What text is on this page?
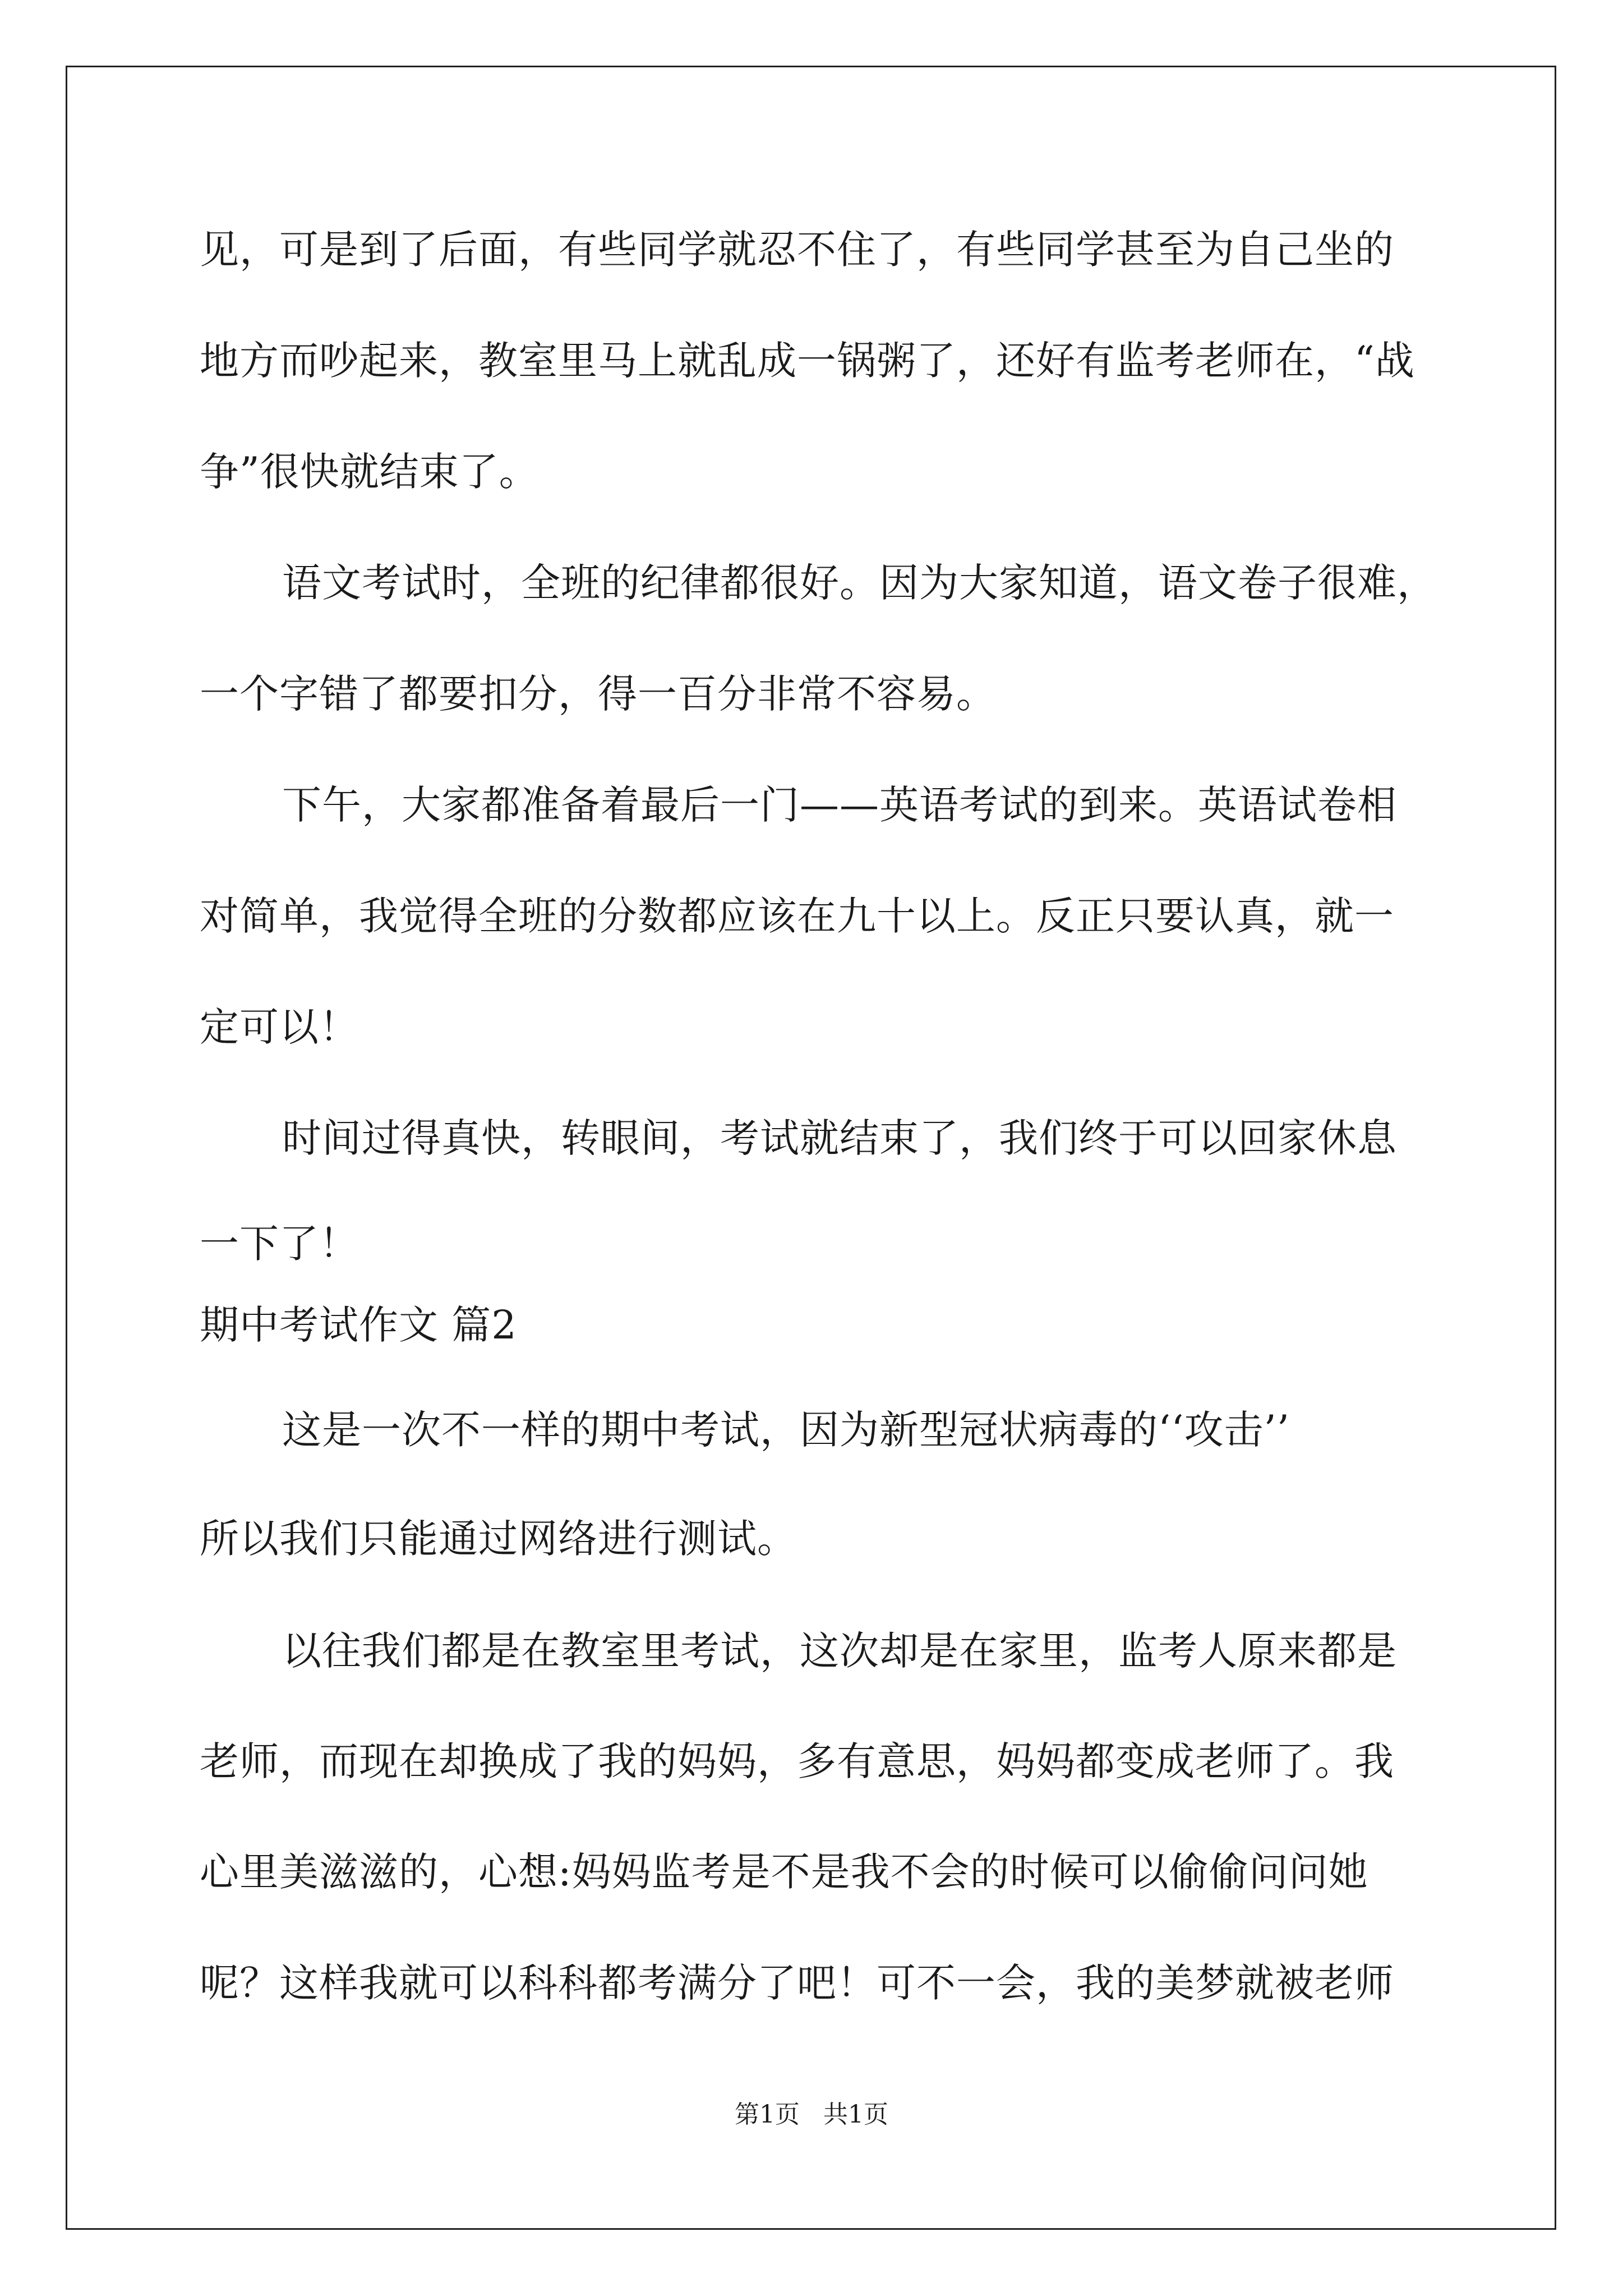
见，可是到了后面，有些同学就忍不住了，有些同学甚至为自己坐的
地方而吵起来，教室里马上就乱成一锅粥了，还好有监考老师在，“战
争”很快就结束了。
语文考试时，全班的纪律都很好。因为大家知道，语文卷子很难，
一个字错了都要扣分，得一百分非常不容易。
下午，大家都准备着最后一门——英语考试的到来。英语试卷相
对简单，我觉得全班的分数都应该在九十以上。反正只要认真，就一
定可以！
时间过得真快，转眼间，考试就结束了，我们终于可以回家休息
一下了！
期中考试作文 篇2
这是一次不一样的期中考试，因为新型冠状病毒的‘‘攻击’’
所以我们只能通过网络进行测试。
以往我们都是在教室里考试，这次却是在家里，监考人原来都是
老师，而现在却换成了我的妈妈，多有意思，妈妈都变成老师了。我
心里美滋滋的，心想:妈妈监考是不是我不会的时候可以偷偷问问她
呢？这样我就可以科科都考满分了吧！可不一会，我的美梦就被老师
第1页   共1页
